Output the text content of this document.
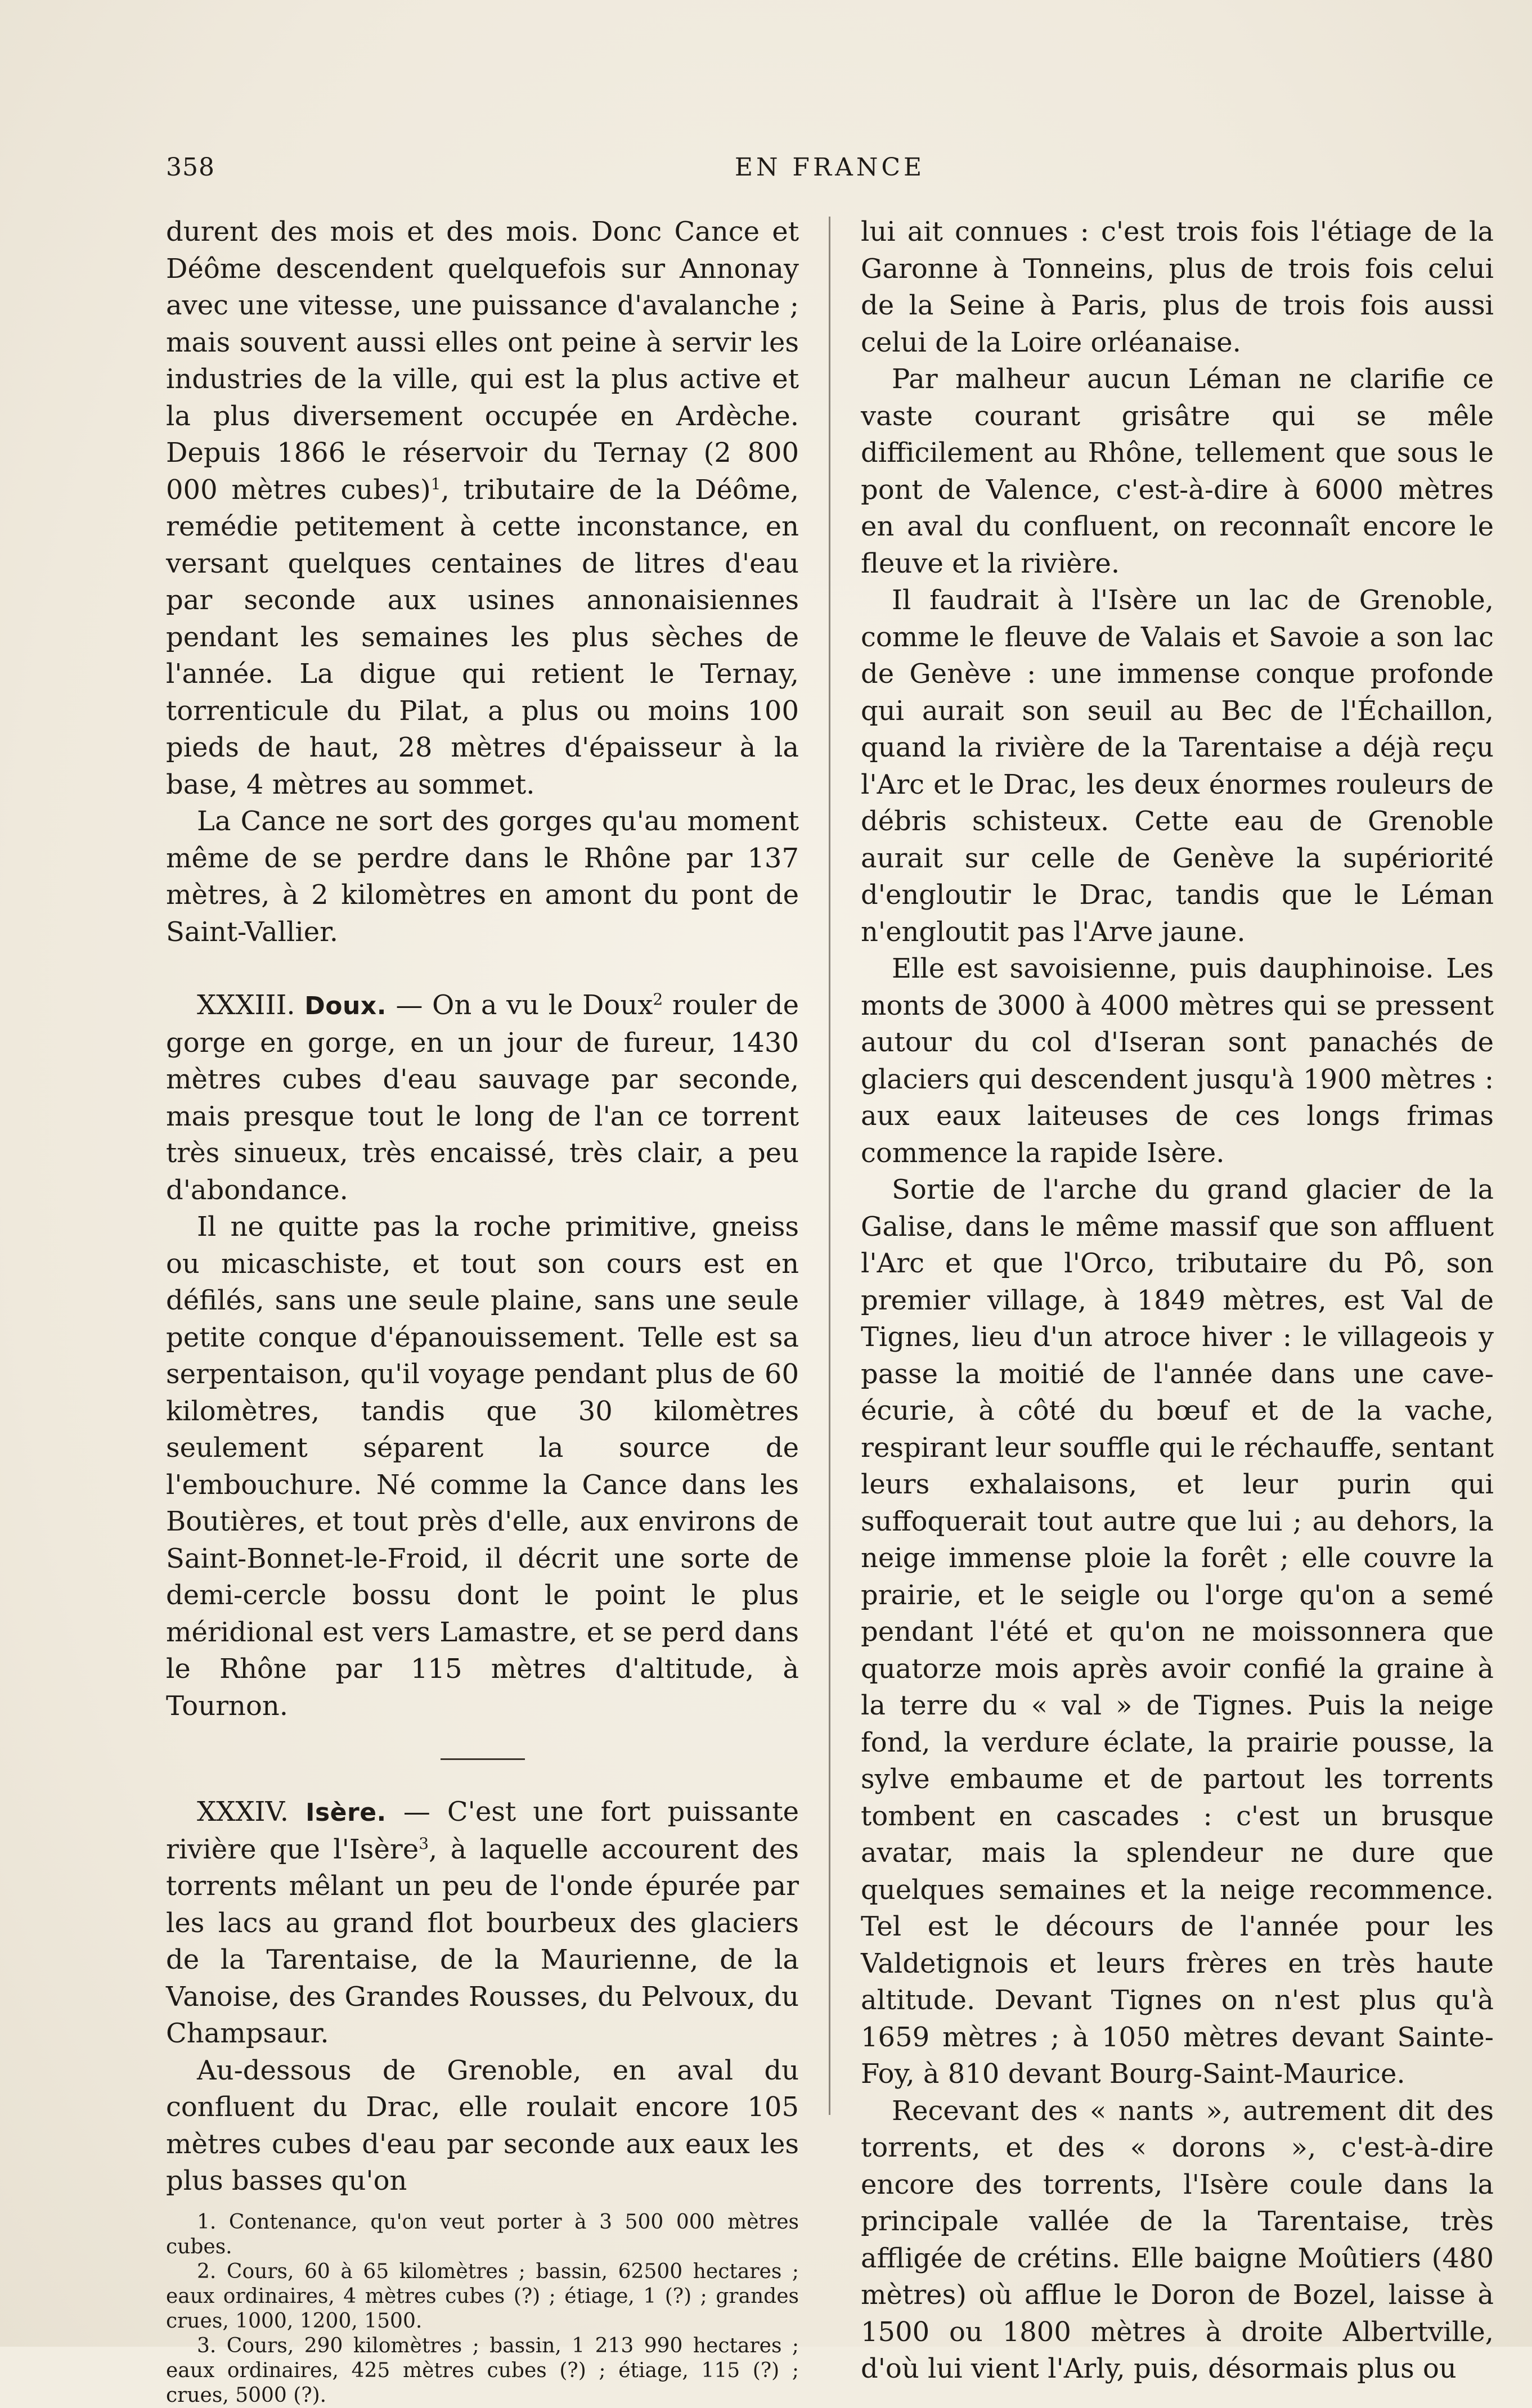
358	EN FRANCE

durent des mois et des mois. Donc Cance et Déôme descendent quelquefois sur Annonay avec une vitesse, une puissance d'avalanche ; mais souvent aussi elles ont peine à servir les industries de la ville, qui est la plus active et la plus diversement occupée en Ardèche. Depuis 1866 le réservoir du Ternay (2 800 000 mètres cubes)$^1$, tributaire de la Déôme, remédie petitement à cette inconstance, en versant quelques centaines de litres d'eau par seconde aux usines annonaisiennes pendant les semaines les plus sèches de l'année. La digue qui retient le Ternay, torrenticule du Pilat, a plus ou moins 100 pieds de haut, 28 mètres d'épaisseur à la base, 4 mètres au sommet.

La Cance ne sort des gorges qu'au moment même de se perdre dans le Rhône par 137 mètres, à 2 kilomètres en amont du pont de Saint-Vallier.

XXXIII. Doux. — On a vu le Doux$^2$ rouler de gorge en gorge, en un jour de fureur, 1430 mètres cubes d'eau sauvage par seconde, mais presque tout le long de l'an ce torrent très sinueux, très encaissé, très clair, a peu d'abondance.

Il ne quitte pas la roche primitive, gneiss ou micaschiste, et tout son cours est en défilés, sans une seule plaine, sans une seule petite conque d'épanouissement. Telle est sa serpentaison, qu'il voyage pendant plus de 60 kilomètres, tandis que 30 kilomètres seulement séparent la source de l'embouchure. Né comme la Cance dans les Boutières, et tout près d'elle, aux environs de Saint-Bonnet-le-Froid, il décrit une sorte de demi-cercle bossu dont le point le plus méridional est vers Lamastre, et se perd dans le Rhône par 115 mètres d'altitude, à Tournon.

XXXIV. Isère. — C'est une fort puissante rivière que l'Isère$^3$, à laquelle accourent des torrents mêlant un peu de l'onde épurée par les lacs au grand flot bourbeux des glaciers de la Tarentaise, de la Maurienne, de la Vanoise, des Grandes Rousses, du Pelvoux, du Champsaur.

Au-dessous de Grenoble, en aval du confluent du Drac, elle roulait encore 105 mètres cubes d'eau par seconde aux eaux les plus basses qu'on

1. Contenance, qu'on veut porter à 3 500 000 mètres cubes.

2. Cours, 60 à 65 kilomètres ; bassin, 62500 hectares ; eaux ordinaires, 4 mètres cubes (?) ; étiage, 1 (?) ; grandes crues, 1000, 1200, 1500.

3. Cours, 290 kilomètres ; bassin, 1 213 990 hectares ; eaux ordinaires, 425 mètres cubes (?) ; étiage, 115 (?) ; crues, 5000 (?).

lui ait connues : c'est trois fois l'étiage de la Garonne à Tonneins, plus de trois fois celui de la Seine à Paris, plus de trois fois aussi celui de la Loire orléanaise.

Par malheur aucun Léman ne clarifie ce vaste courant grisâtre qui se mêle difficilement au Rhône, tellement que sous le pont de Valence, c'est-à-dire à 6000 mètres en aval du confluent, on reconnaît encore le fleuve et la rivière.

Il faudrait à l'Isère un lac de Grenoble, comme le fleuve de Valais et Savoie a son lac de Genève : une immense conque profonde qui aurait son seuil au Bec de l'Échaillon, quand la rivière de la Tarentaise a déjà reçu l'Arc et le Drac, les deux énormes rouleurs de débris schisteux. Cette eau de Grenoble aurait sur celle de Genève la supériorité d'engloutir le Drac, tandis que le Léman n'engloutit pas l'Arve jaune.

Elle est savoisienne, puis dauphinoise. Les monts de 3000 à 4000 mètres qui se pressent autour du col d'Iseran sont panachés de glaciers qui descendent jusqu'à 1900 mètres : aux eaux laiteuses de ces longs frimas commence la rapide Isère.

Sortie de l'arche du grand glacier de la Galise, dans le même massif que son affluent l'Arc et que l'Orco, tributaire du Pô, son premier village, à 1849 mètres, est Val de Tignes, lieu d'un atroce hiver : le villageois y passe la moitié de l'année dans une cave-écurie, à côté du bœuf et de la vache, respirant leur souffle qui le réchauffe, sentant leurs exhalaisons, et leur purin qui suffoquerait tout autre que lui ; au dehors, la neige immense ploie la forêt ; elle couvre la prairie, et le seigle ou l'orge qu'on a semé pendant l'été et qu'on ne moissonnera que quatorze mois après avoir confié la graine à la terre du « val » de Tignes. Puis la neige fond, la verdure éclate, la prairie pousse, la sylve embaume et de partout les torrents tombent en cascades : c'est un brusque avatar, mais la splendeur ne dure que quelques semaines et la neige recommence. Tel est le décours de l'année pour les Valdetignois et leurs frères en très haute altitude. Devant Tignes on n'est plus qu'à 1659 mètres ; à 1050 mètres devant Sainte-Foy, à 810 devant Bourg-Saint-Maurice.

Recevant des « nants », autrement dit des torrents, et des « dorons », c'est-à-dire encore des torrents, l'Isère coule dans la principale vallée de la Tarentaise, très affligée de crétins. Elle baigne Moûtiers (480 mètres) où afflue le Doron de Bozel, laisse à 1500 ou 1800 mètres à droite Albertville, d'où lui vient l'Arly, puis, désormais plus ou
